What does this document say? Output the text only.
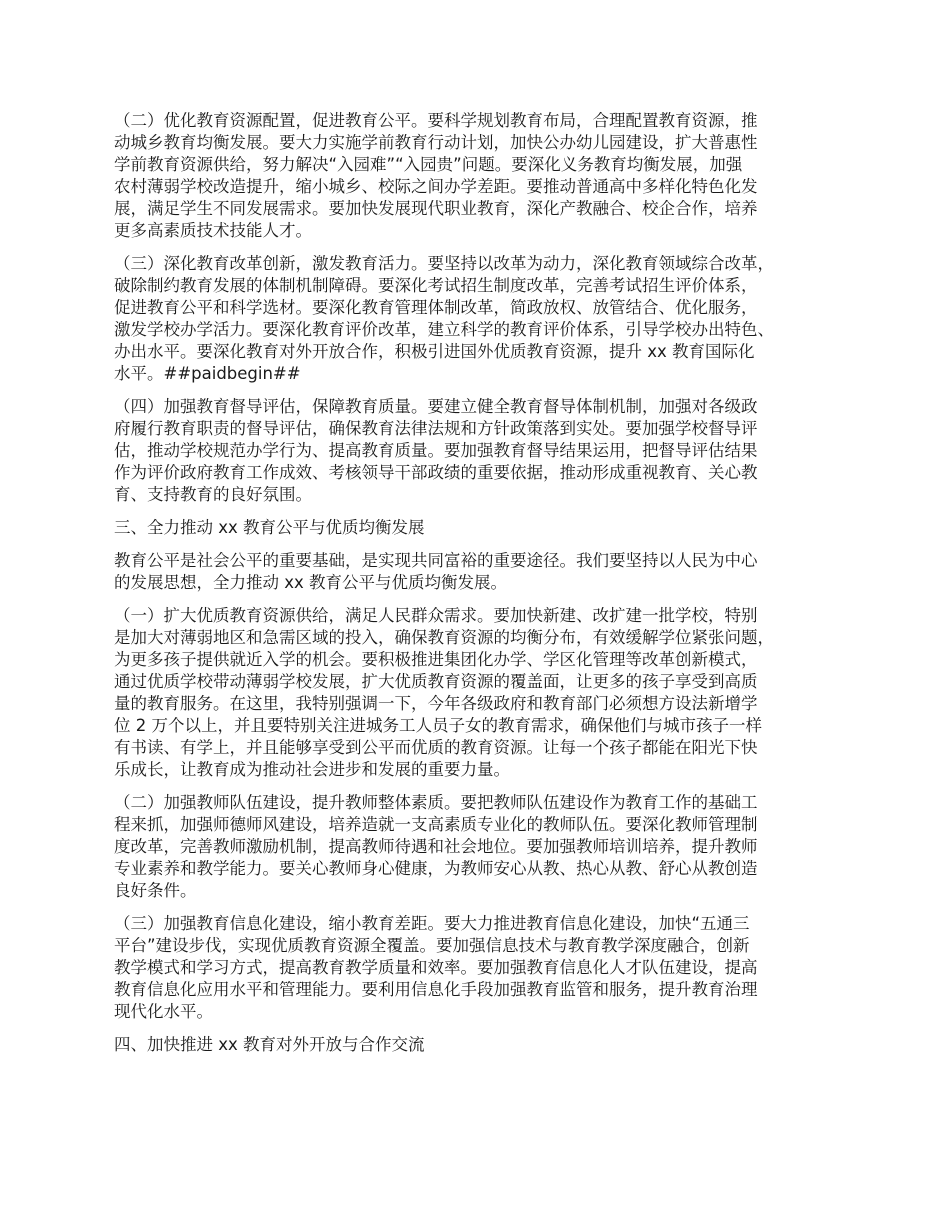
（二）优化教育资源配置，促进教育公平。要科学规划教育布局，合理配置教育资源，推
动城乡教育均衡发展。要大力实施学前教育行动计划，加快公办幼儿园建设，扩大普惠性
学前教育资源供给，努力解决“入园难”“入园贵”问题。要深化义务教育均衡发展，加强
农村薄弱学校改造提升，缩小城乡、校际之间办学差距。要推动普通高中多样化特色化发
展，满足学生不同发展需求。要加快发展现代职业教育，深化产教融合、校企合作，培养
更多高素质技术技能人才。
（三）深化教育改革创新，激发教育活力。要坚持以改革为动力，深化教育领域综合改革，
破除制约教育发展的体制机制障碍。要深化考试招生制度改革，完善考试招生评价体系，
促进教育公平和科学选材。要深化教育管理体制改革，简政放权、放管结合、优化服务，
激发学校办学活力。要深化教育评价改革，建立科学的教育评价体系，引导学校办出特色、
办出水平。要深化教育对外开放合作，积极引进国外优质教育资源，提升 xx 教育国际化
水平。##paidbegin##
（四）加强教育督导评估，保障教育质量。要建立健全教育督导体制机制，加强对各级政
府履行教育职责的督导评估，确保教育法律法规和方针政策落到实处。要加强学校督导评
估，推动学校规范办学行为、提高教育质量。要加强教育督导结果运用，把督导评估结果
作为评价政府教育工作成效、考核领导干部政绩的重要依据，推动形成重视教育、关心教
育、支持教育的良好氛围。
三、全力推动 xx 教育公平与优质均衡发展
教育公平是社会公平的重要基础，是实现共同富裕的重要途径。我们要坚持以人民为中心
的发展思想，全力推动 xx 教育公平与优质均衡发展。
（一）扩大优质教育资源供给，满足人民群众需求。要加快新建、改扩建一批学校，特别
是加大对薄弱地区和急需区域的投入，确保教育资源的均衡分布，有效缓解学位紧张问题，
为更多孩子提供就近入学的机会。要积极推进集团化办学、学区化管理等改革创新模式，
通过优质学校带动薄弱学校发展，扩大优质教育资源的覆盖面，让更多的孩子享受到高质
量的教育服务。在这里，我特别强调一下，今年各级政府和教育部门必须想方设法新增学
位 2 万个以上，并且要特别关注进城务工人员子女的教育需求，确保他们与城市孩子一样
有书读、有学上，并且能够享受到公平而优质的教育资源。让每一个孩子都能在阳光下快
乐成长，让教育成为推动社会进步和发展的重要力量。
（二）加强教师队伍建设，提升教师整体素质。要把教师队伍建设作为教育工作的基础工
程来抓，加强师德师风建设，培养造就一支高素质专业化的教师队伍。要深化教师管理制
度改革，完善教师激励机制，提高教师待遇和社会地位。要加强教师培训培养，提升教师
专业素养和教学能力。要关心教师身心健康，为教师安心从教、热心从教、舒心从教创造
良好条件。
（三）加强教育信息化建设，缩小教育差距。要大力推进教育信息化建设，加快“五通三
平台”建设步伐，实现优质教育资源全覆盖。要加强信息技术与教育教学深度融合，创新
教学模式和学习方式，提高教育教学质量和效率。要加强教育信息化人才队伍建设，提高
教育信息化应用水平和管理能力。要利用信息化手段加强教育监管和服务，提升教育治理
现代化水平。
四、加快推进 xx 教育对外开放与合作交流
